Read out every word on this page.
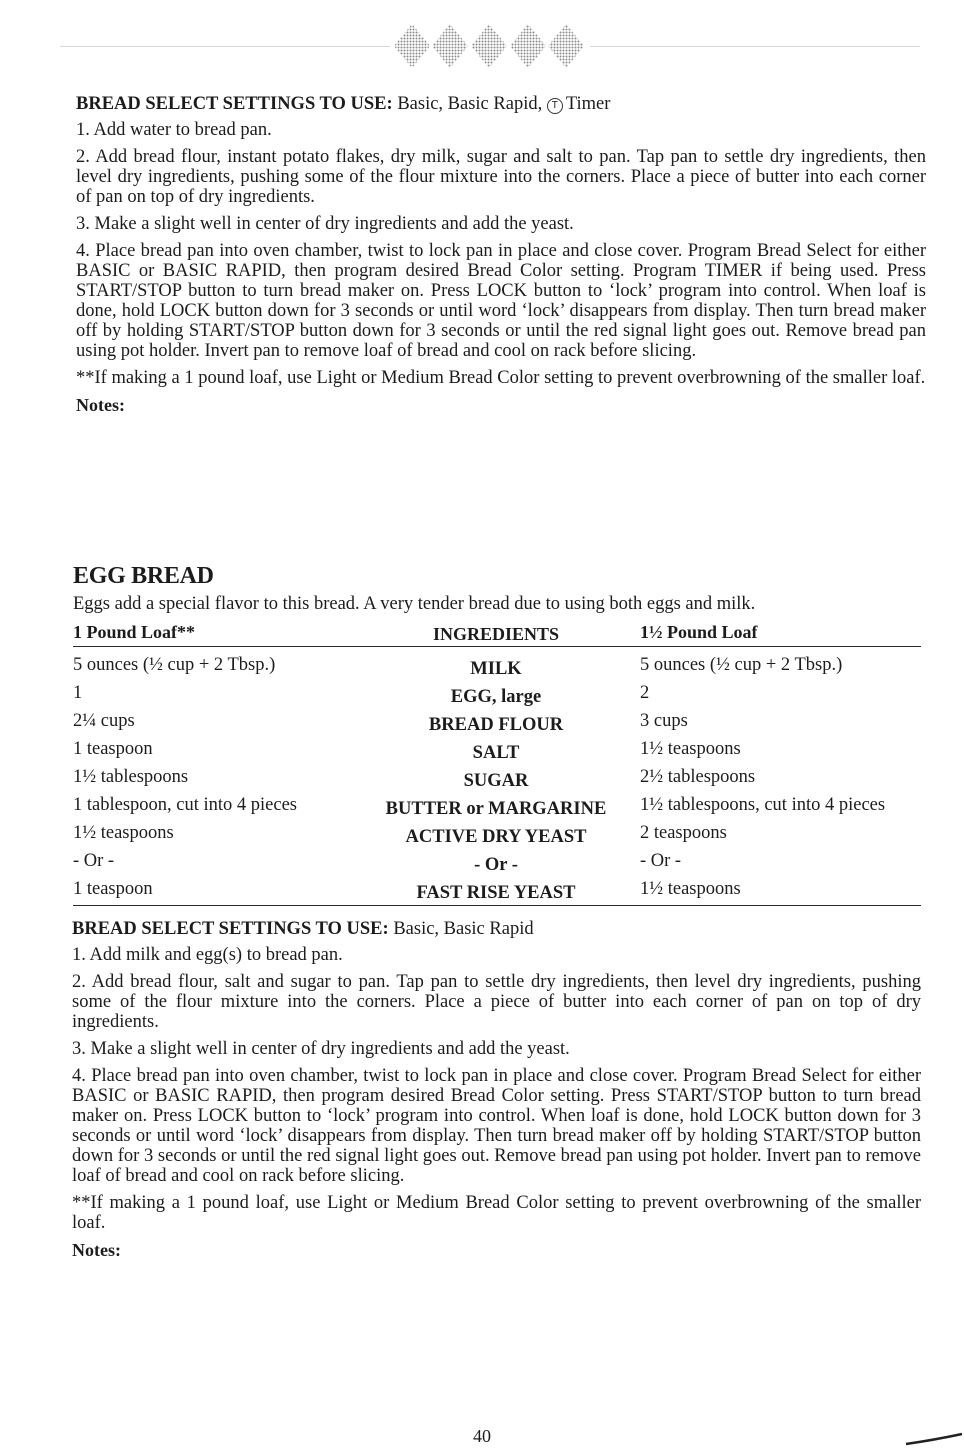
BREAD SELECT SETTINGS TO USE: Basic, Basic Rapid, T Timer

1. Add water to bread pan.

2. Add bread flour, instant potato flakes, dry milk, sugar and salt to pan. Tap pan to settle dry ingredients, then level dry ingredients, pushing some of the flour mixture into the corners. Place a piece of butter into each corner of pan on top of dry ingredients.

3. Make a slight well in center of dry ingredients and add the yeast.

4. Place bread pan into oven chamber, twist to lock pan in place and close cover. Program Bread Select for either BASIC or BASIC RAPID, then program desired Bread Color setting. Program TIMER if being used. Press START/STOP button to turn bread maker on. Press LOCK button to ‘lock’ program into control. When loaf is done, hold LOCK button down for 3 seconds or until word ‘lock’ disappears from display. Then turn bread maker off by holding START/STOP button down for 3 seconds or until the red signal light goes out. Remove bread pan using pot holder. Invert pan to remove loaf of bread and cool on rack before slicing.

**If making a 1 pound loaf, use Light or Medium Bread Color setting to prevent overbrowning of the smaller loaf.

Notes:

EGG BREAD
Eggs add a special flavor to this bread. A very tender bread due to using both eggs and milk.
1 Pound Loaf**	INGREDIENTS	1½ Pound Loaf
5 ounces (½ cup + 2 Tbsp.)	MILK	5 ounces (½ cup + 2 Tbsp.)
1	EGG, large	2
2¼ cups	BREAD FLOUR	3 cups
1 teaspoon	SALT	1½ teaspoons
1½ tablespoons	SUGAR	2½ tablespoons
1 tablespoon, cut into 4 pieces	BUTTER or MARGARINE 1½ tablespoons, cut into 4 pieces
1½ teaspoons	ACTIVE DRY YEAST	2 teaspoons
- Or -	- Or -	- Or -
1 teaspoon	FAST RISE YEAST	1½ teaspoons

BREAD SELECT SETTINGS TO USE: Basic, Basic Rapid

1. Add milk and egg(s) to bread pan.

2. Add bread flour, salt and sugar to pan. Tap pan to settle dry ingredients, then level dry ingredients, pushing some of the flour mixture into the corners. Place a piece of butter into each corner of pan on top of dry ingredients.

3. Make a slight well in center of dry ingredients and add the yeast.

4. Place bread pan into oven chamber, twist to lock pan in place and close cover. Program Bread Select for either BASIC or BASIC RAPID, then program desired Bread Color setting. Press START/STOP button to turn bread maker on. Press LOCK button to ‘lock’ program into control. When loaf is done, hold LOCK button down for 3 seconds or until word ‘lock’ disappears from display. Then turn bread maker off by holding START/STOP button down for 3 seconds or until the red signal light goes out. Remove bread pan using pot holder. Invert pan to remove loaf of bread and cool on rack before slicing.

**If making a 1 pound loaf, use Light or Medium Bread Color setting to prevent overbrowning of the smaller loaf.

Notes:

40
